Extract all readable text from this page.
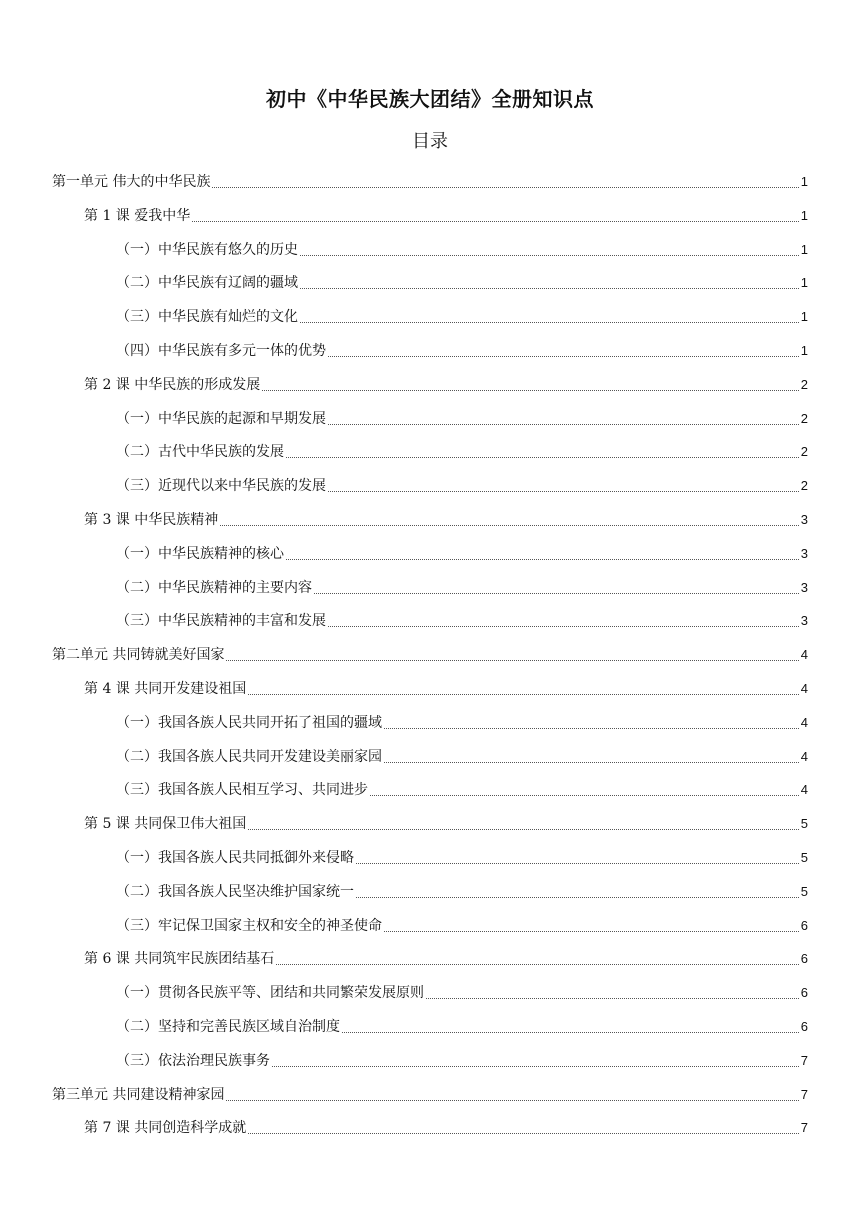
初中《中华民族大团结》全册知识点
目录
第一单元 伟大的中华民族	1
第 1 课 爱我中华	1
（一）中华民族有悠久的历史	1
（二）中华民族有辽阔的疆域	1
（三）中华民族有灿烂的文化	1
（四）中华民族有多元一体的优势	1
第 2 课 中华民族的形成发展	2
（一）中华民族的起源和早期发展	2
（二）古代中华民族的发展	2
（三）近现代以来中华民族的发展	2
第 3 课 中华民族精神	3
（一）中华民族精神的核心	3
（二）中华民族精神的主要内容	3
（三）中华民族精神的丰富和发展	3
第二单元 共同铸就美好国家	4
第 4 课 共同开发建设祖国	4
（一）我国各族人民共同开拓了祖国的疆域	4
（二）我国各族人民共同开发建设美丽家园	4
（三）我国各族人民相互学习、共同进步	4
第 5 课 共同保卫伟大祖国	5
（一）我国各族人民共同抵御外来侵略	5
（二）我国各族人民坚决维护国家统一	5
（三）牢记保卫国家主权和安全的神圣使命	6
第 6 课 共同筑牢民族团结基石	6
（一）贯彻各民族平等、团结和共同繁荣发展原则	6
（二）坚持和完善民族区域自治制度	6
（三）依法治理民族事务	7
第三单元 共同建设精神家园	7
第 7 课 共同创造科学成就	7
